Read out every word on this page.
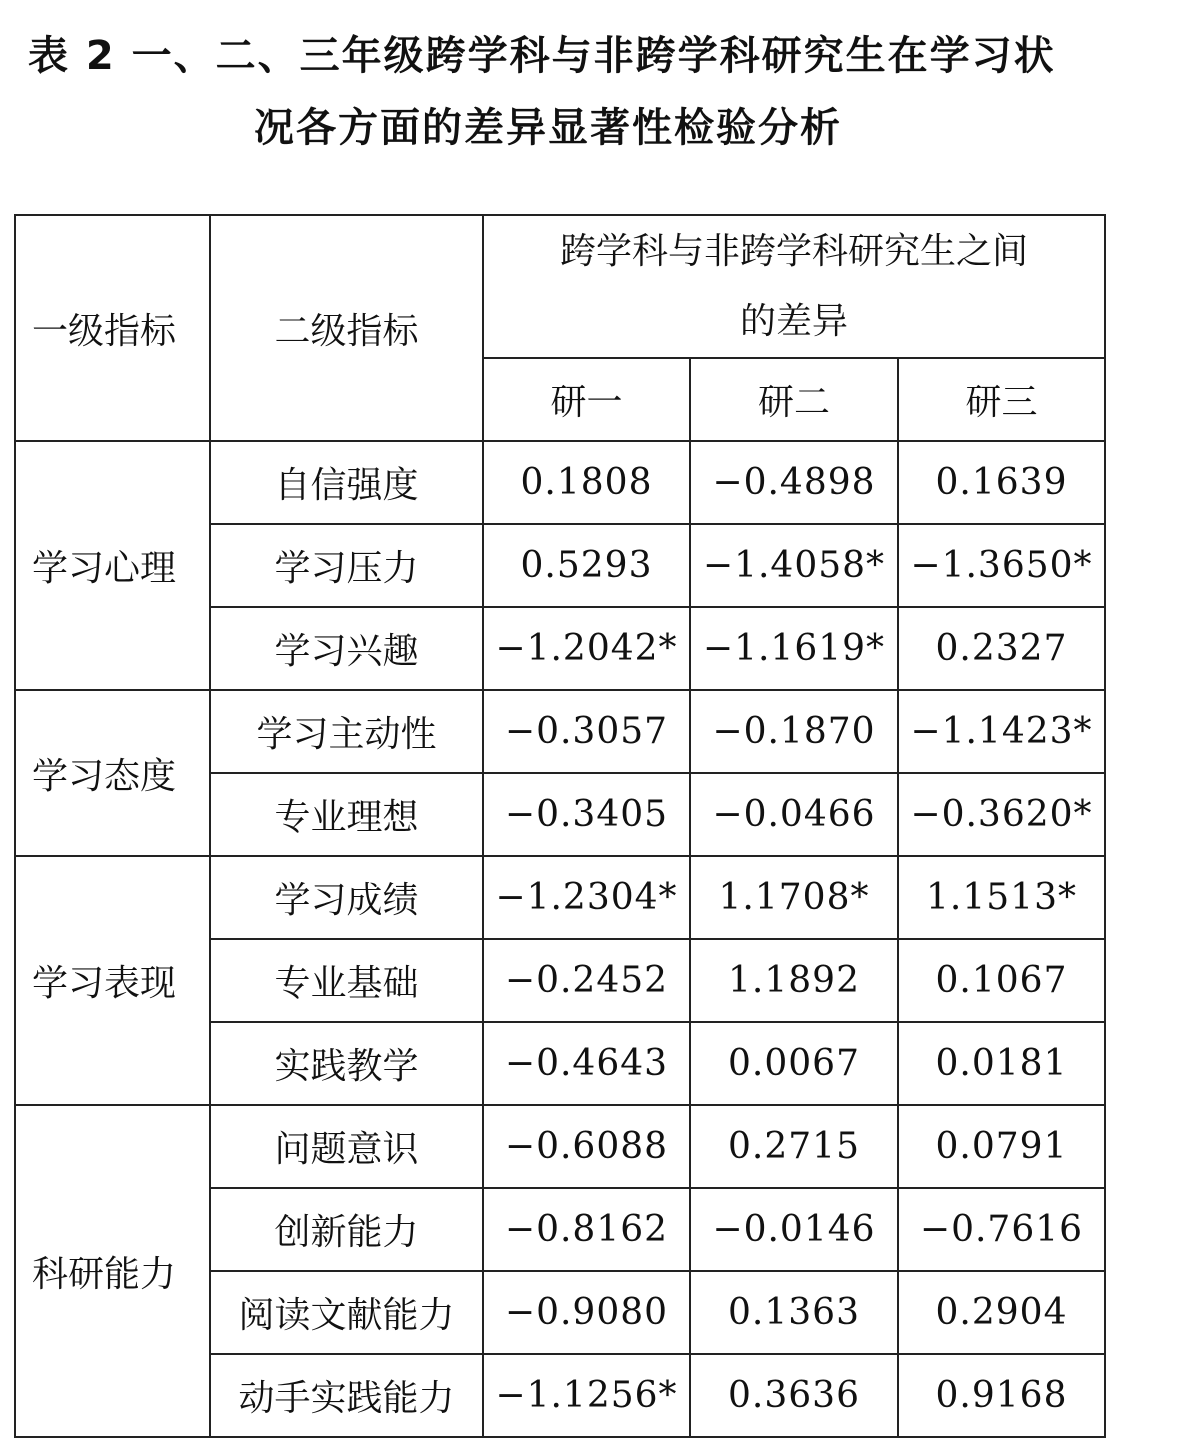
表 2 一、二、三年级跨学科与非跨学科研究生在学习状
况各方面的差异显著性检验分析
一级指标	二级指标	跨学科与非跨学科研究生之间
的差异		

		研一	研二	研三
学习心理	自信强度	0.1808	−0.4898	0.1639
	学习压力	0.5293	−1.4058*	−1.3650*
	学习兴趣	−1.2042*	−1.1619*	0.2327
学习态度	学习主动性	−0.3057	−0.1870	−1.1423*
	专业理想	−0.3405	−0.0466	−0.3620*
学习表现	学习成绩	−1.2304*	1.1708*	1.1513*
	专业基础	−0.2452	1.1892	0.1067
	实践教学	−0.4643	0.0067	0.0181
科研能力	问题意识	−0.6088	0.2715	0.0791
	创新能力	−0.8162	−0.0146	−0.7616
	阅读文献能力	−0.9080	0.1363	0.2904
	动手实践能力	−1.1256*	0.3636	0.9168
